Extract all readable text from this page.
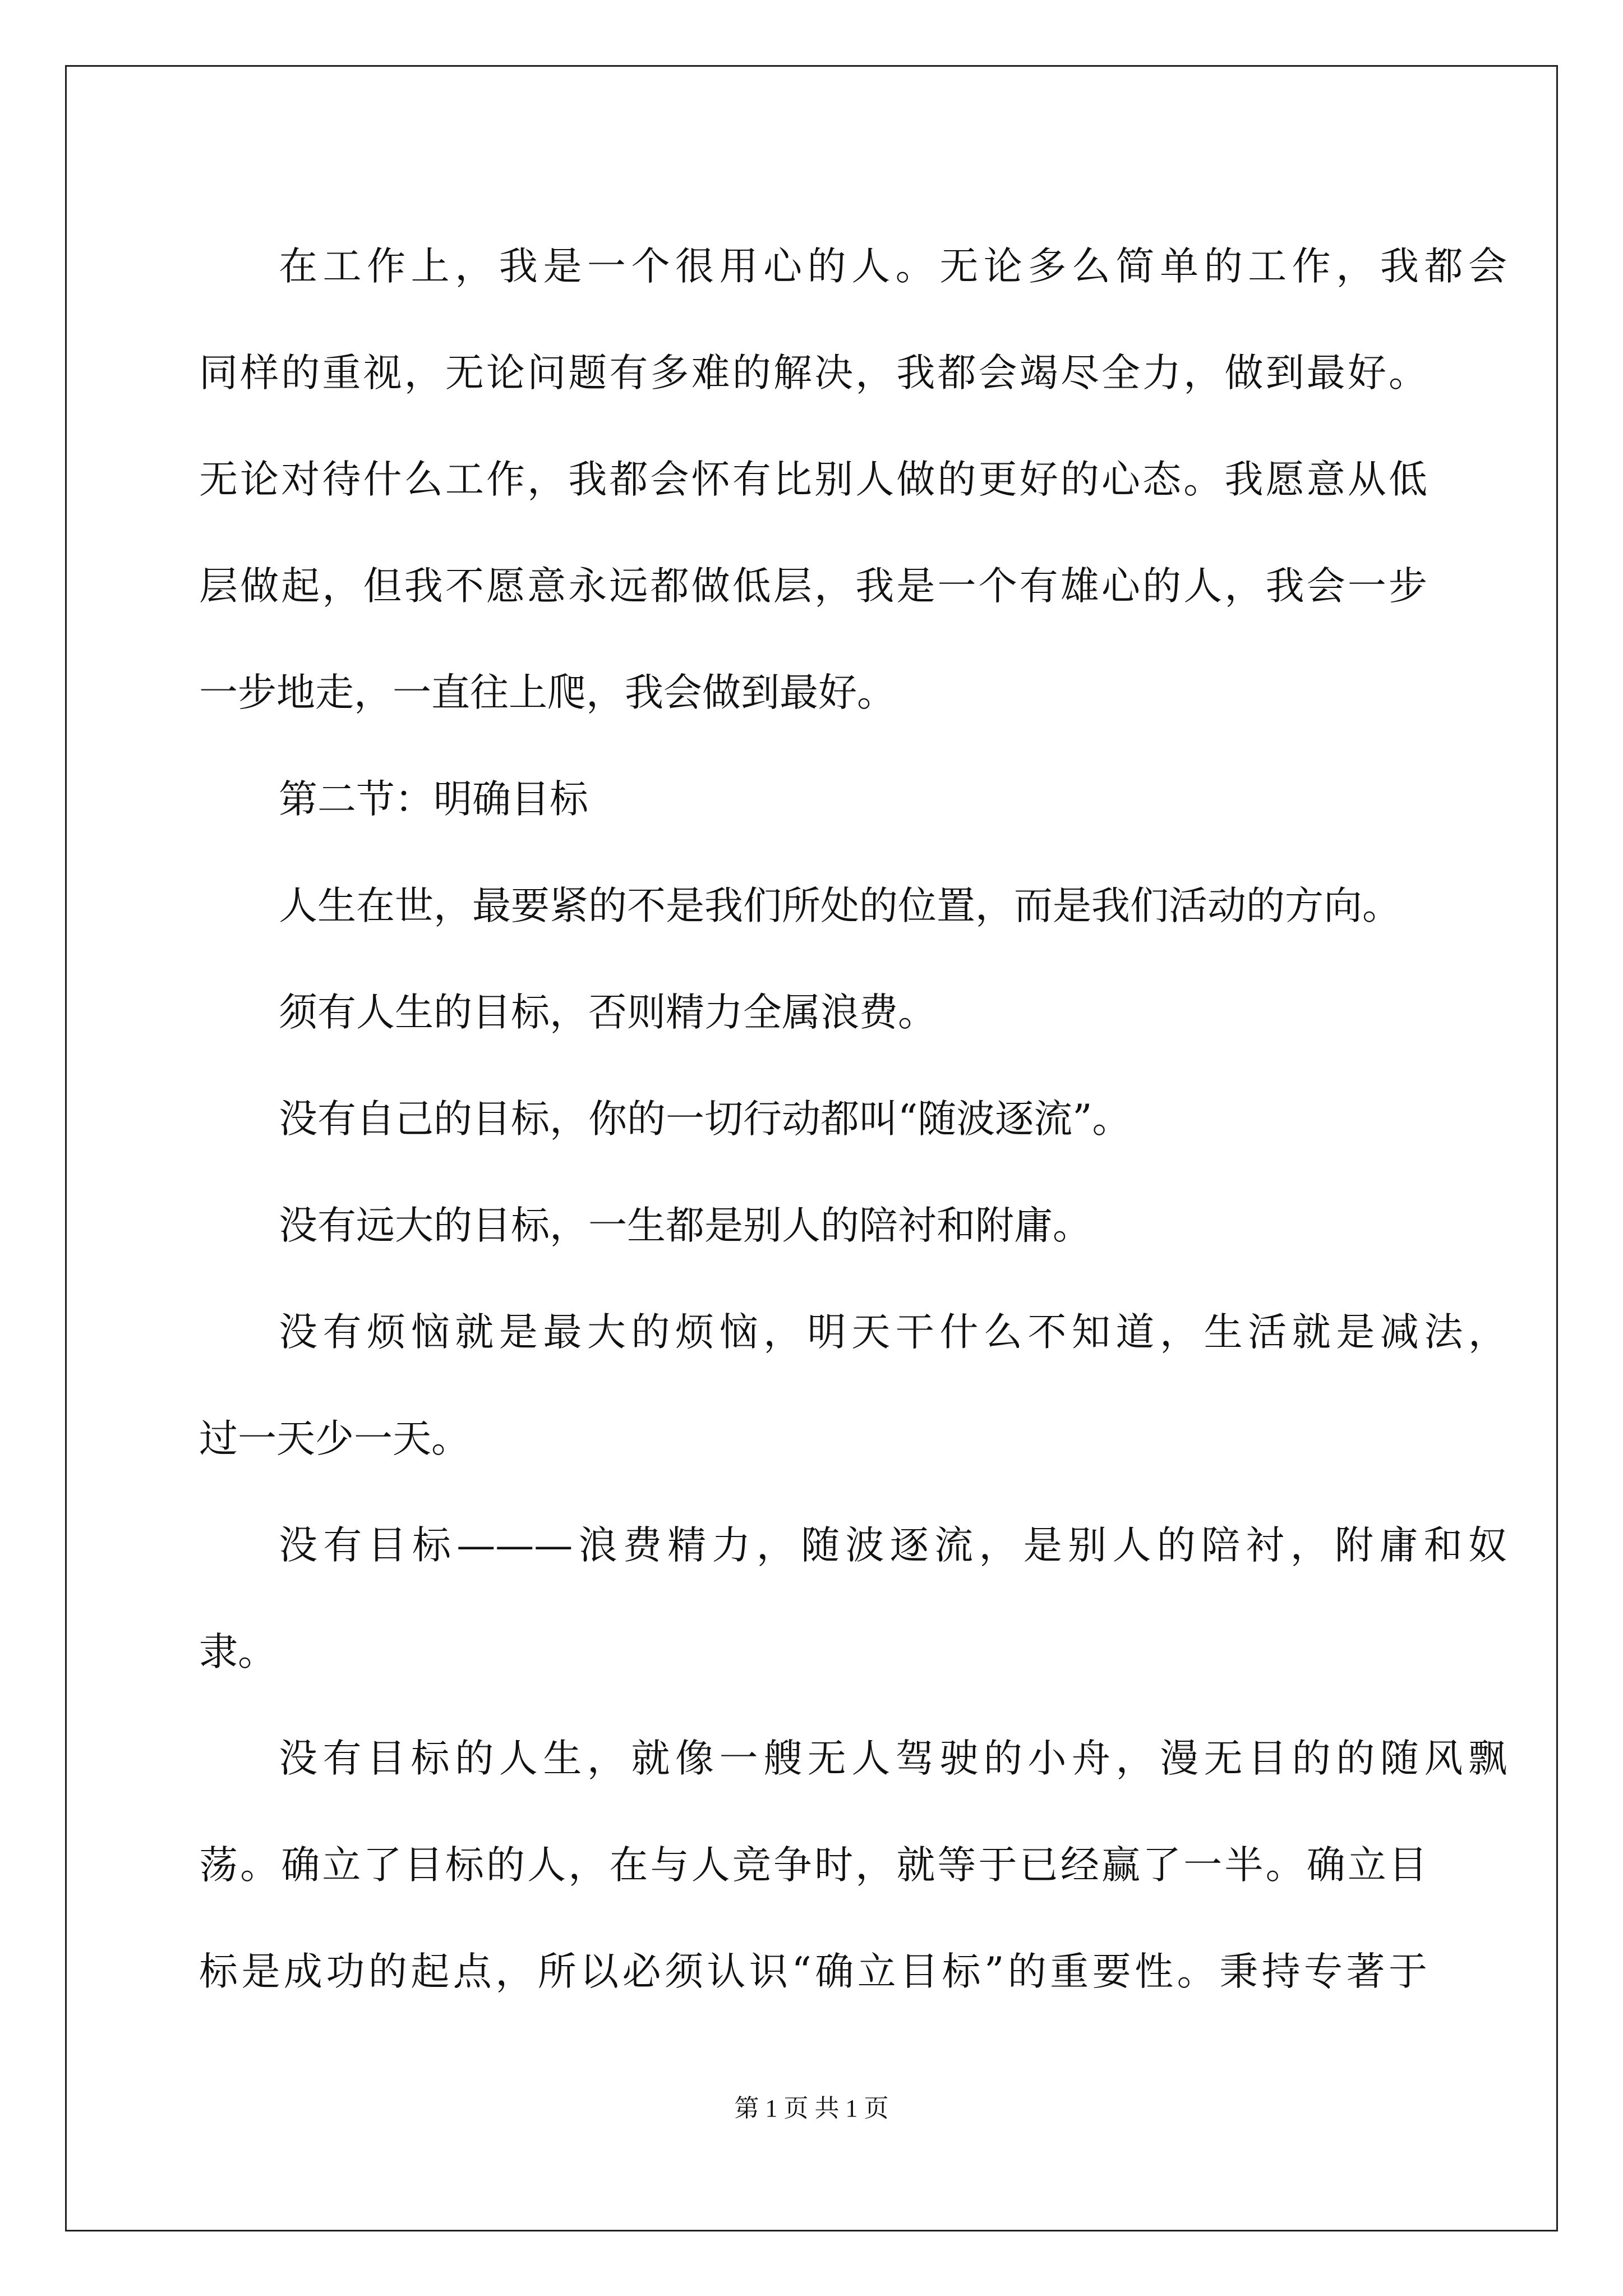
在工作上，我是一个很用心的人。无论多么简单的工作，我都会
同样的重视，无论问题有多难的解决，我都会竭尽全力，做到最好。
无论对待什么工作，我都会怀有比别人做的更好的心态。我愿意从低
层做起，但我不愿意永远都做低层，我是一个有雄心的人，我会一步
一步地走，一直往上爬，我会做到最好。
第二节：明确目标
人生在世，最要紧的不是我们所处的位置，而是我们活动的方向。
须有人生的目标，否则精力全属浪费。
没有自己的目标，你的一切行动都叫“随波逐流”。
没有远大的目标，一生都是别人的陪衬和附庸。
没有烦恼就是最大的烦恼，明天干什么不知道，生活就是减法，
过一天少一天。
没有目标———浪费精力，随波逐流，是别人的陪衬，附庸和奴
隶。
没有目标的人生，就像一艘无人驾驶的小舟，漫无目的的随风飘
荡。确立了目标的人，在与人竞争时，就等于已经赢了一半。确立目
标是成功的起点，所以必须认识“确立目标”的重要性。秉持专著于
第 1 页 共 1 页
